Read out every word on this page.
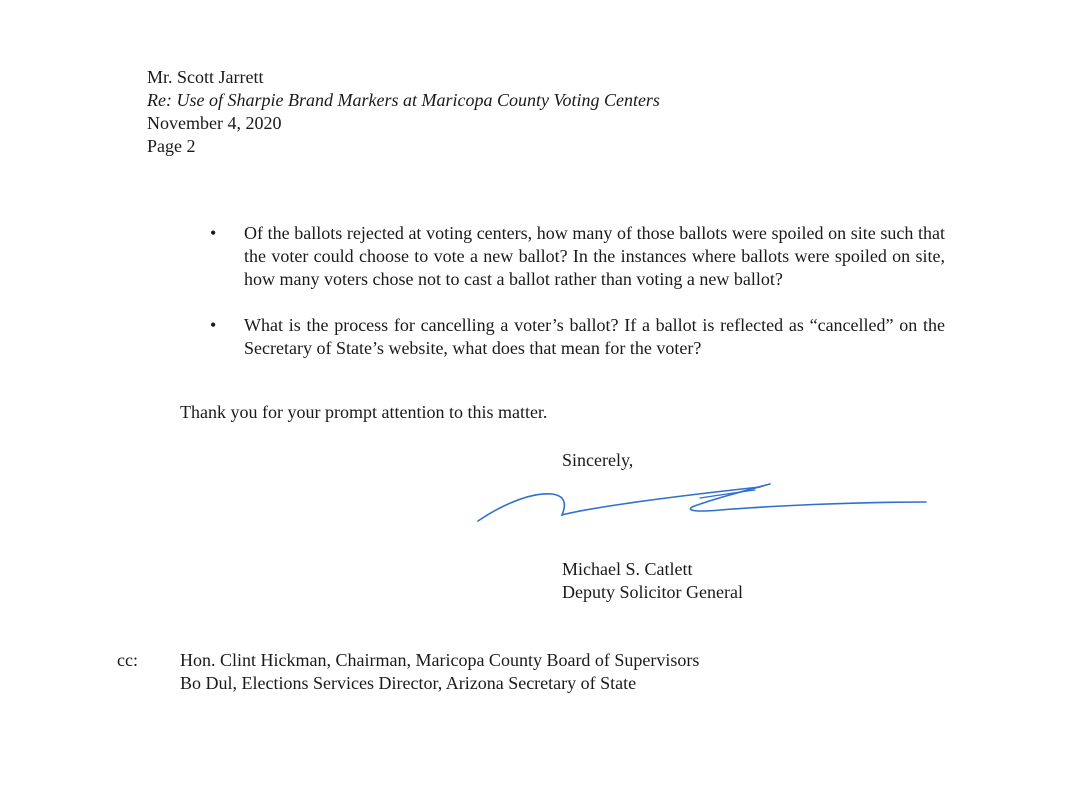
Mr. Scott Jarrett
Re: Use of Sharpie Brand Markers at Maricopa County Voting Centers
November 4, 2020
Page 2
• Of the ballots rejected at voting centers, how many of those ballots were spoiled on site such that the voter could choose to vote a new ballot? In the instances where ballots were spoiled on site, how many voters chose not to cast a ballot rather than voting a new ballot?
• What is the process for cancelling a voter’s ballot? If a ballot is reflected as “cancelled” on the Secretary of State’s website, what does that mean for the voter?
Thank you for your prompt attention to this matter.
Sincerely,
Michael S. Catlett
Deputy Solicitor General
cc: Hon. Clint Hickman, Chairman, Maricopa County Board of Supervisors
Bo Dul, Elections Services Director, Arizona Secretary of State
